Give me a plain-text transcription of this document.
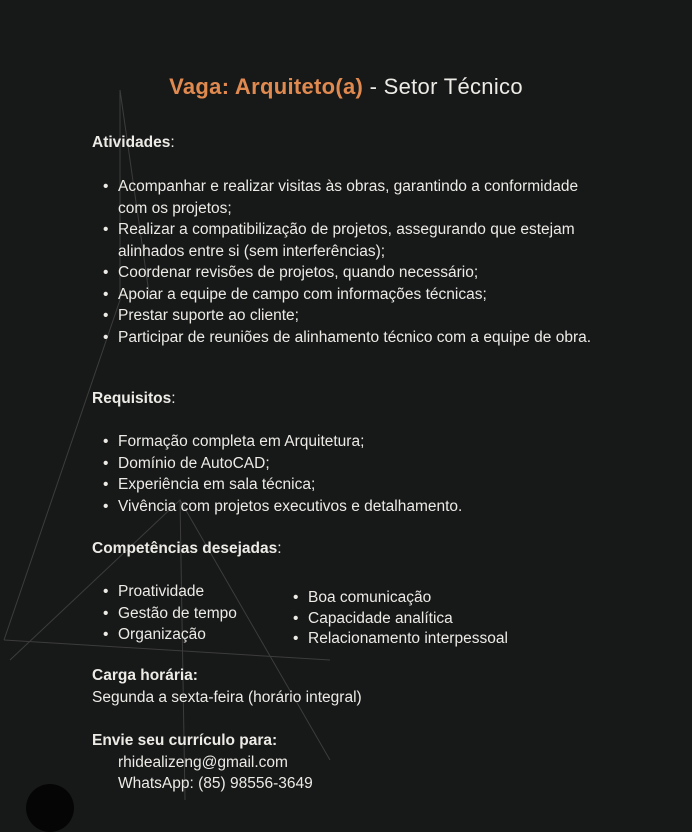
Vaga: Arquiteto(a) - Setor Técnico
Atividades:
• Acompanhar e realizar visitas às obras, garantindo a conformidade com os projetos;
• Realizar a compatibilização de projetos, assegurando que estejam alinhados entre si (sem interferências);
• Coordenar revisões de projetos, quando necessário;
• Apoiar a equipe de campo com informações técnicas;
• Prestar suporte ao cliente;
• Participar de reuniões de alinhamento técnico com a equipe de obra.
Requisitos:
• Formação completa em Arquitetura;
• Domínio de AutoCAD;
• Experiência em sala técnica;
• Vivência com projetos executivos e detalhamento.
Competências desejadas:
• Proatividade
• Gestão de tempo
• Organização
• Boa comunicação
• Capacidade analítica
• Relacionamento interpessoal
Carga horária:
Segunda a sexta-feira (horário integral)
Envie seu currículo para:
rhidealizeng@gmail.com
WhatsApp: (85) 98556-3649
